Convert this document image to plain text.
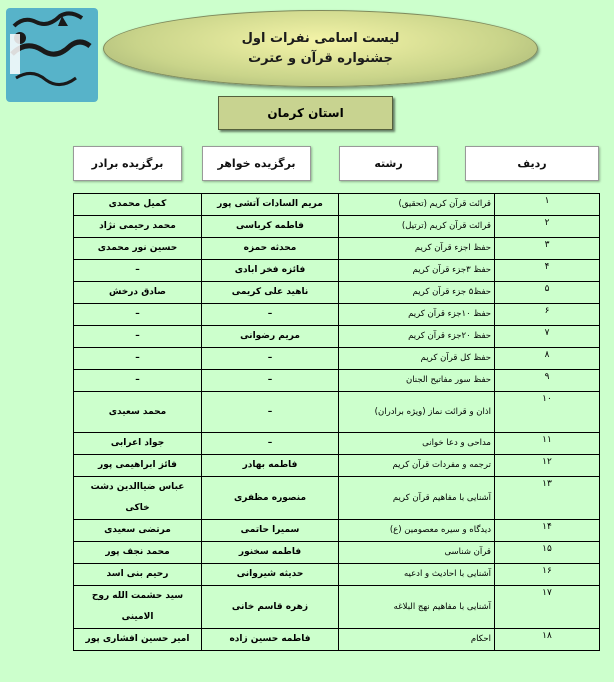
لیست اسامی نفرات اول
جشنواره قرآن و عترت
استان کرمان
برگزیده برادر	برگزیده خواهر	رشته	ردیف
کمیل محمدی	مریم السادات آتشی پور	قرائت قرآن کریم (تحقیق)	۱
محمد رحیمی نژاد	فاطمه کرباسی	قرائت قرآن کریم (ترتیل)	۲
حسین نور محمدی	محدثه حمزه	حفظ اجزء قرآن کریم	۳
–	فائزه فخر ابادی	حفظ ۳جزء قرآن کریم	۴
صادق درخش	ناهید علی کریمی	حفظ۵ جزء قرآن کریم	۵
–	–	حفظ ۱۰جزء قرآن کریم	۶
–	مریم رضوانی	حفظ ۲۰جزء قرآن کریم	۷
–	–	حفظ کل قرآن کریم	۸
–	–	حفظ سور مفاتیح الجنان	۹
محمد سعیدی	–	اذان و قرائت نماز (ویژه برادران)	۱۰
جواد اعرابی	–	مداحی و دعا خوانی	۱۱
فائز ابراهیمی پور	فاطمه بهادر	ترجمه و مفردات قرآن کریم	۱۲
عباس ضیاالدین دشت خاکی	منصوره مظفری	آشنایی با مفاهیم قرآن کریم	۱۳
مرتضی سعیدی	سمیرا حاتمی	دیدگاه و سیره معصومین (ع)	۱۴
محمد نجف پور	فاطمه سخنور	قرآن شناسی	۱۵
رحیم بنی اسد	حدیثه شیروانی	آشنایی با احادیث و ادعیه	۱۶
سید حشمت الله روح الامینی	زهره قاسم خانی	آشنایی با مفاهیم نهج البلاغه	۱۷
امیر حسین افشاری پور	فاطمه حسین زاده	احکام	۱۸
